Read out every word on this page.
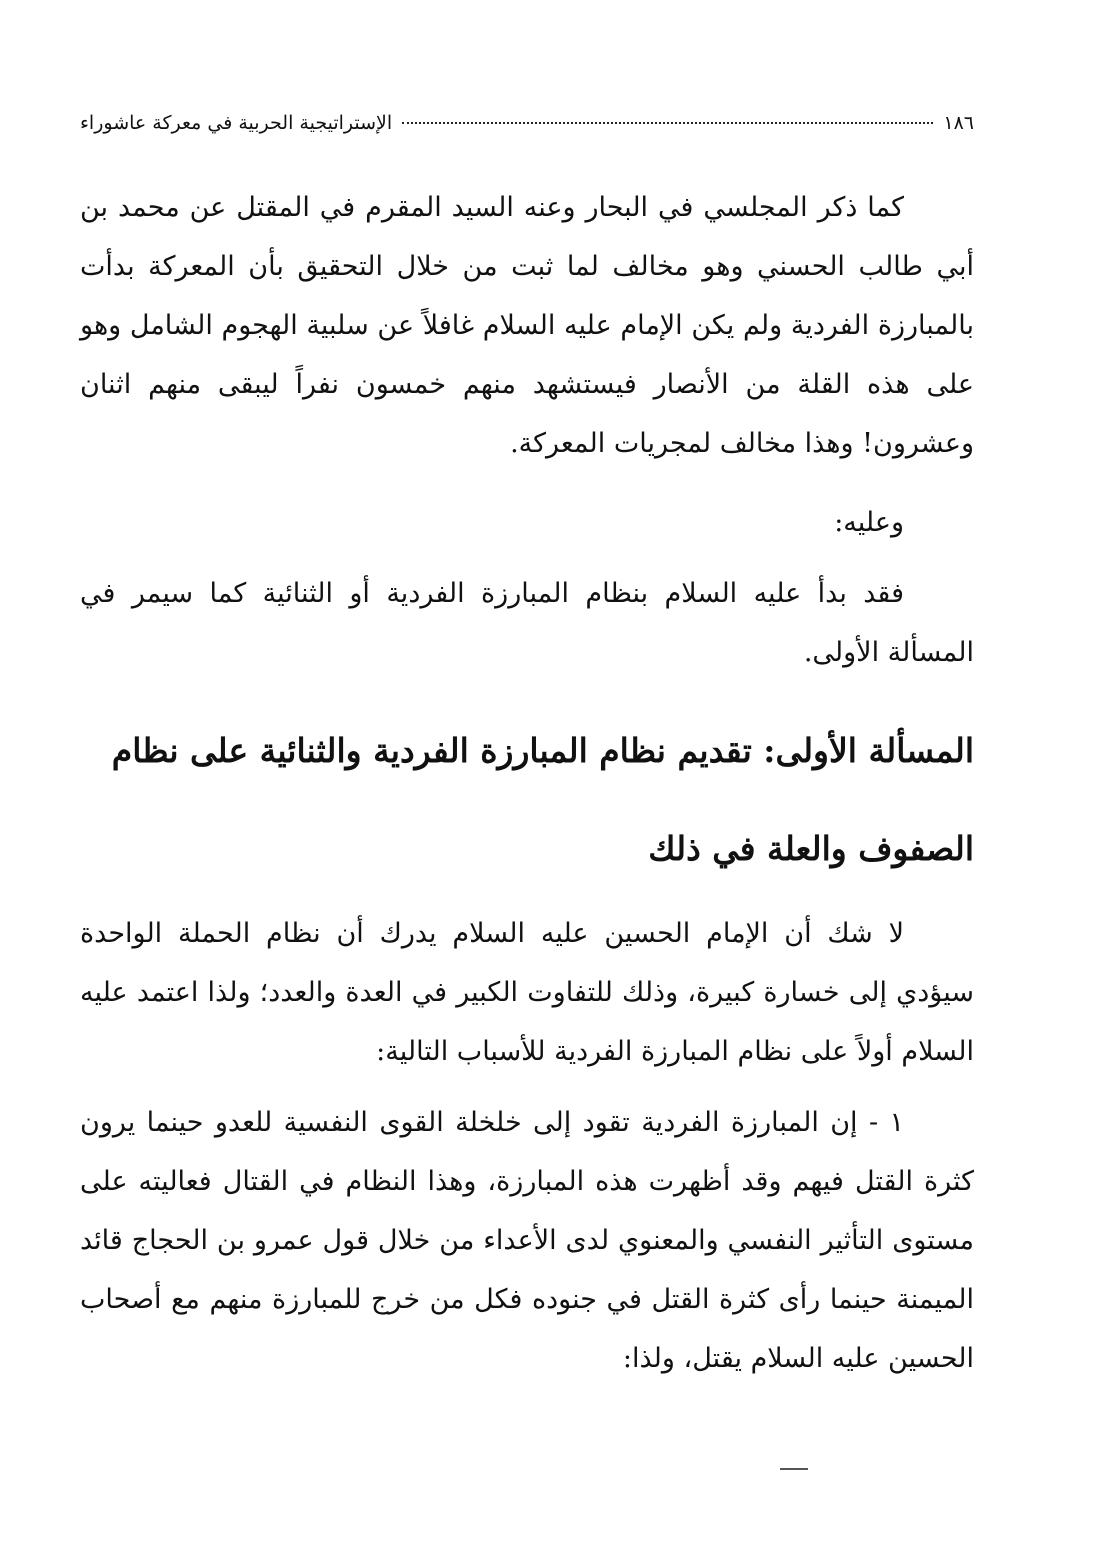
١٨٦
الإستراتيجية الحربية في معركة عاشوراء

كما ذكر المجلسي في البحار وعنه السيد المقرم في المقتل عن محمد بن أبي طالب الحسني وهو مخالف لما ثبت من خلال التحقيق بأن المعركة بدأت بالمبارزة الفردية ولم يكن الإمام عليه السلام غافلاً عن سلبية الهجوم الشامل وهو على هذه القلة من الأنصار فيستشهد منهم خمسون نفراً ليبقى منهم اثنان وعشرون! وهذا مخالف لمجريات المعركة.

وعليه:

فقد بدأ عليه السلام بنظام المبارزة الفردية أو الثنائية كما سيمر في المسألة الأولى.

المسألة الأولى: تقديم نظام المبارزة الفردية والثنائية على نظام الصفوف والعلة في ذلك

لا شك أن الإمام الحسين عليه السلام يدرك أن نظام الحملة الواحدة سيؤدي إلى خسارة كبيرة، وذلك للتفاوت الكبير في العدة والعدد؛ ولذا اعتمد عليه السلام أولاً على نظام المبارزة الفردية للأسباب التالية:

١ - إن المبارزة الفردية تقود إلى خلخلة القوى النفسية للعدو حينما يرون كثرة القتل فيهم وقد أظهرت هذه المبارزة، وهذا النظام في القتال فعاليته على مستوى التأثير النفسي والمعنوي لدى الأعداء من خلال قول عمرو بن الحجاج قائد الميمنة حينما رأى كثرة القتل في جنوده فكل من خرج للمبارزة منهم مع أصحاب الحسين عليه السلام يقتل، ولذا:
